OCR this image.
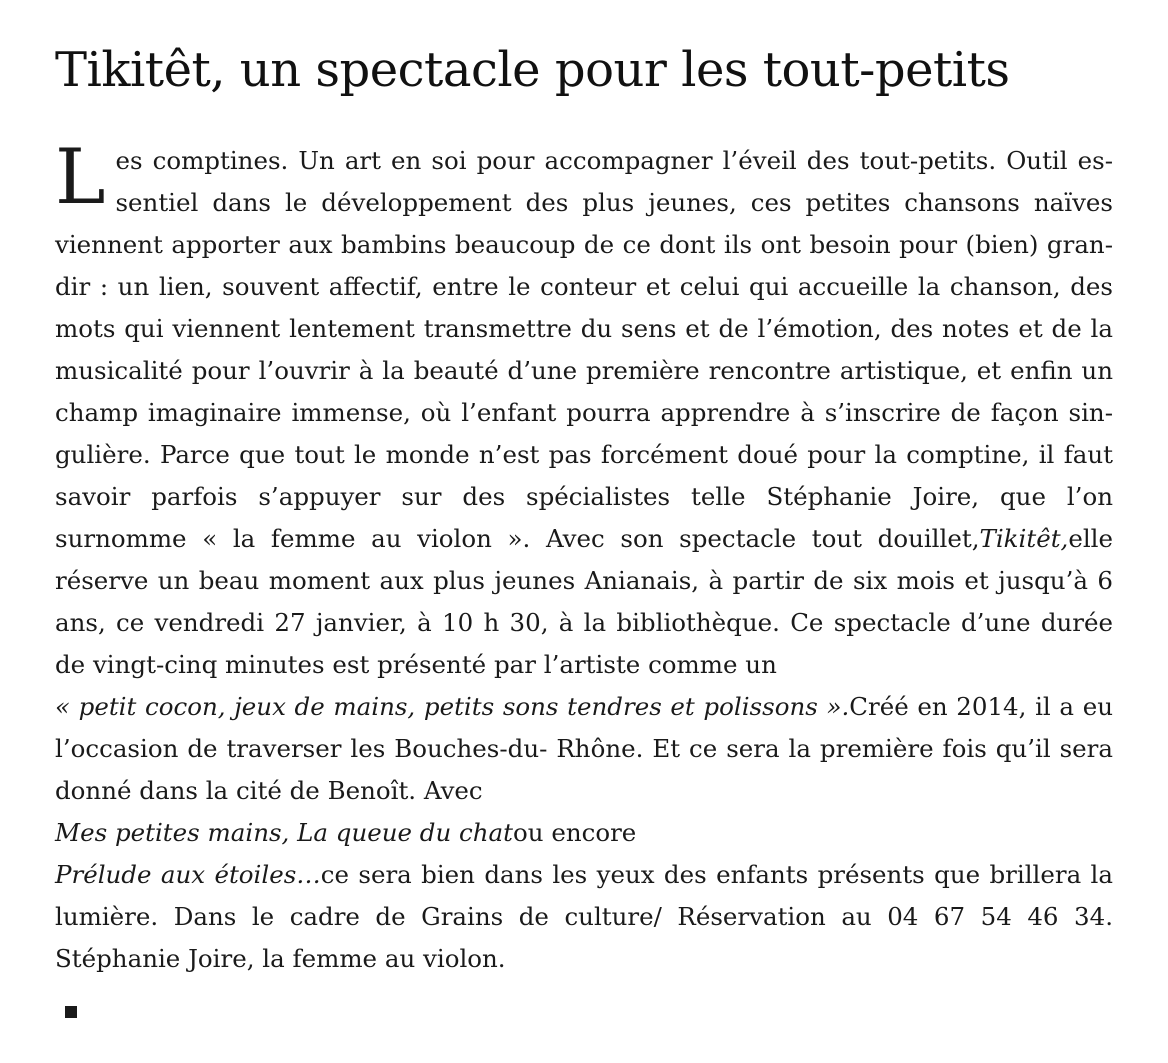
Tikitêt, un spectacle pour les tout-petits

Les comptines. Un art en soi pour accompagner l’éveil des tout-petits. Outil essentiel dans le développement des plus jeunes, ces petites chansons naïves viennent apporter aux bambins beaucoup de ce dont ils ont besoin pour (bien) grandir : un lien, souvent affectif, entre le conteur et celui qui accueille la chanson, des mots qui viennent lentement transmettre du sens et de l’émotion, des notes et de la musicalité pour l’ouvrir à la beauté d’une première rencontre artistique, et enfin un champ imaginaire immense, où l’enfant pourra apprendre à s’inscrire de façon singulière. Parce que tout le monde n’est pas forcément doué pour la comptine, il faut savoir parfois s’appuyer sur des spécialistes telle Stéphanie Joire, que l’on surnomme « la femme au violon ». Avec son spectacle tout douillet,Tikitêt,elle réserve un beau moment aux plus jeunes Anianais, à partir de six mois et jusqu’à 6 ans, ce vendredi 27 janvier, à 10 h 30, à la bibliothèque. Ce spectacle d’une durée de vingt-cinq minutes est présenté par l’artiste comme un

« petit cocon, jeux de mains, petits sons tendres et polissons ».Créé en 2014, il a eu l’occasion de traverser les Bouches-du- Rhône. Et ce sera la première fois qu’il sera donné dans la cité de Benoît. Avec

Mes petites mains, La queue du chatou encore

Prélude aux étoiles…ce sera bien dans les yeux des enfants présents que brillera la lumière. Dans le cadre de Grains de culture/ Réservation au 04 67 54 46 34. Stéphanie Joire, la femme au violon.
